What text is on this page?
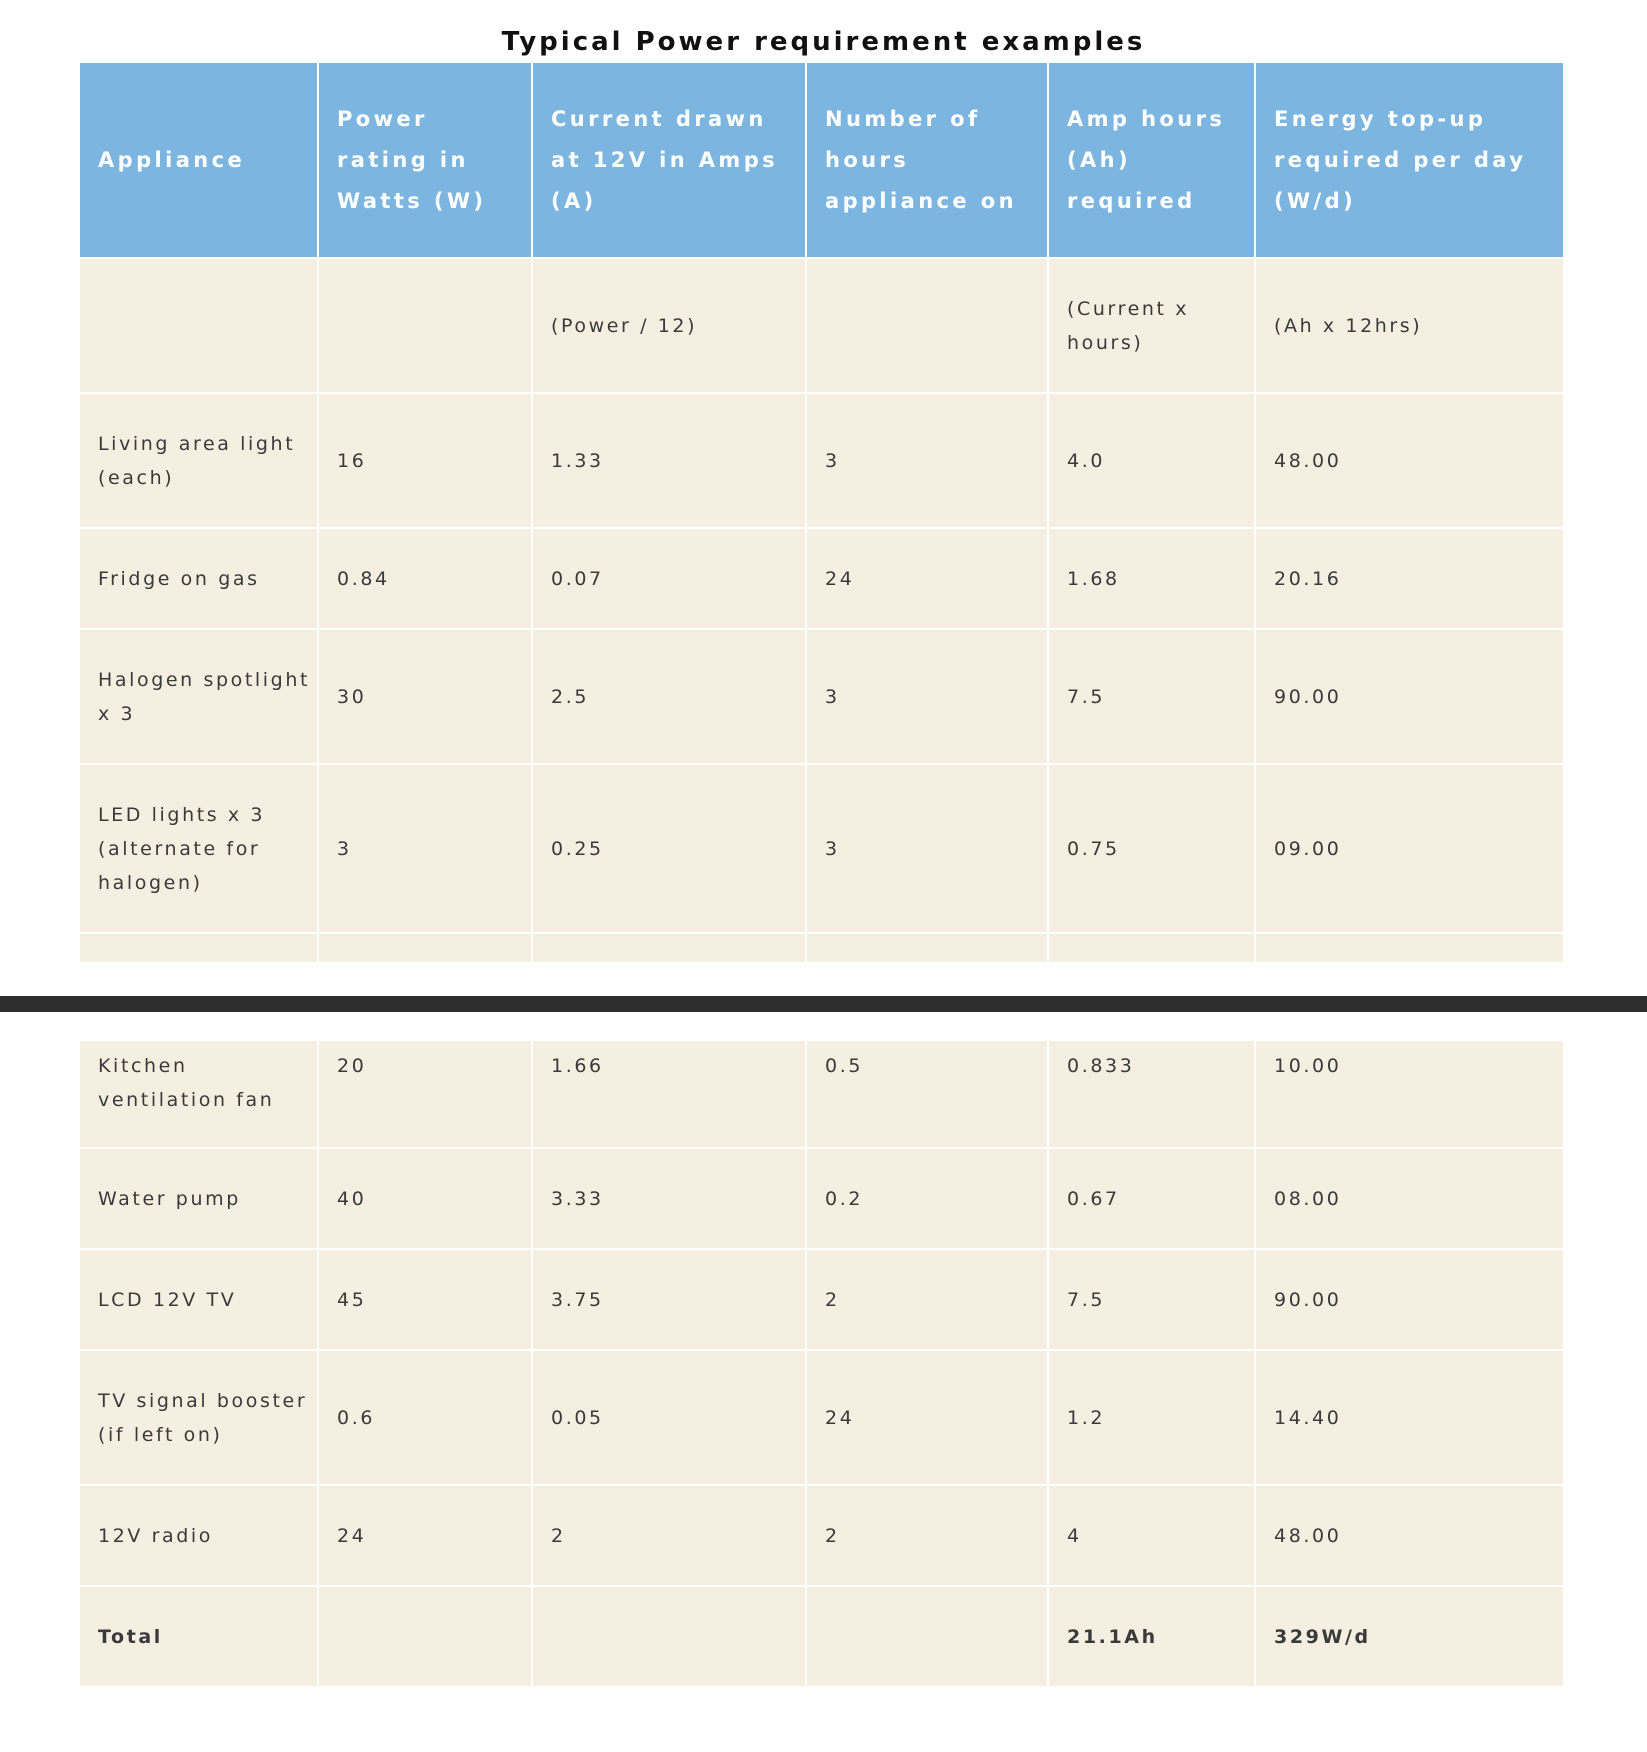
Typical Power requirement examples
Appliance	Power rating in Watts (W)	Current drawn at 12V in Amps (A)	Number of hours appliance on	Amp hours (Ah) required	Energy top-up required per day (W/d)
		(Power / 12)		(Current x hours)	(Ah x 12hrs)
Living area light (each)	16	1.33	3	4.0	48.00
Fridge on gas	0.84	0.07	24	1.68	20.16
Halogen spotlight x 3	30	2.5	3	7.5	90.00
LED lights x 3 (alternate for halogen)	3	0.25	3	0.75	09.00

Kitchen ventilation fan	20	1.66	0.5	0.833	10.00
Water pump	40	3.33	0.2	0.67	08.00
LCD 12V TV	45	3.75	2	7.5	90.00
TV signal booster (if left on)	0.6	0.05	24	1.2	14.40
12V radio	24	2	2	4	48.00
Total				21.1Ah	329W/d
